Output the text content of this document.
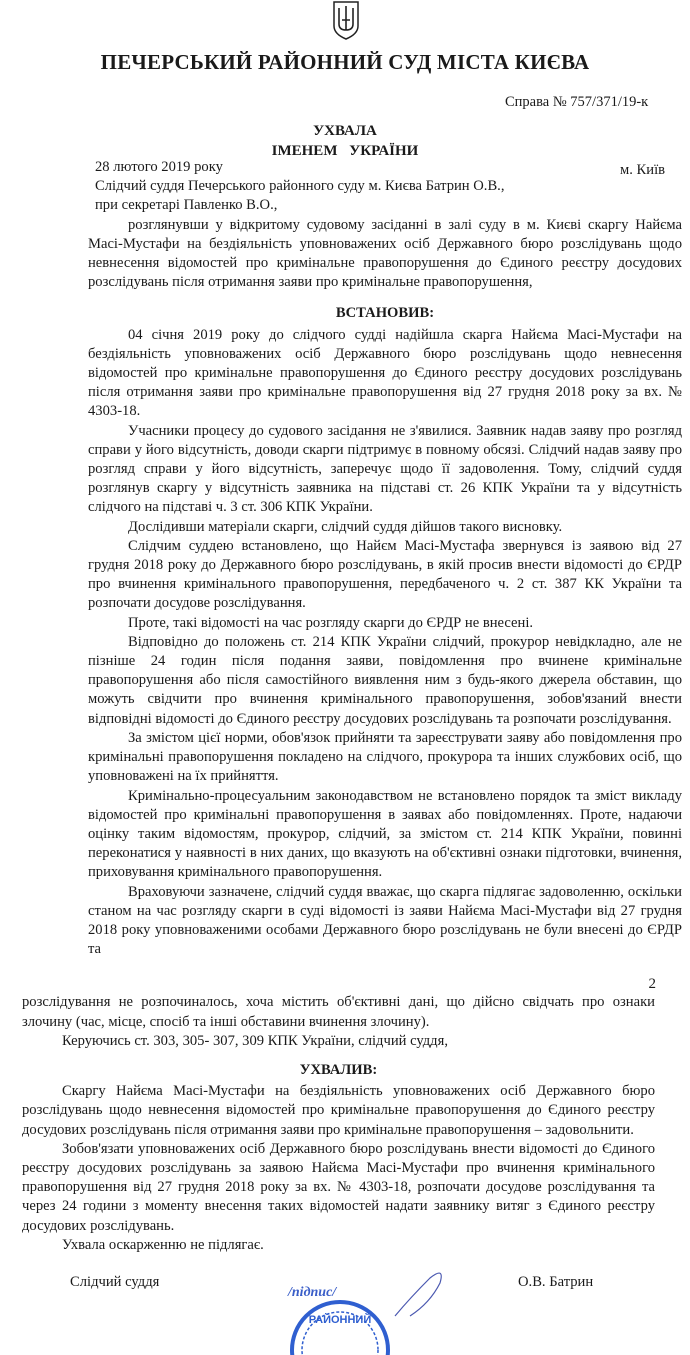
ПЕЧЕРСЬКИЙ РАЙОННИЙ СУД МІСТА КИЄВА
Справа № 757/371/19-к
УХВАЛА
ІМЕНЕМ УКРАЇНИ
м. Київ

28 лютого 2019 року

Слідчий суддя Печерського районного суду м. Києва Батрин О.В.,

при секретарі Павленко В.О.,

розглянувши у відкритому судовому засіданні в залі суду в м. Києві скаргу Найєма Масі-Мустафи на бездіяльність уповноважених осіб Державного бюро розслідувань щодо невнесення відомостей про кримінальне правопорушення до Єдиного реєстру досудових розслідувань після отримання заяви про кримінальне правопорушення,

ВСТАНОВИВ:

04 січня 2019 року до слідчого судді надійшла скарга Найєма Масі-Мустафи на бездіяльність уповноважених осіб Державного бюро розслідувань щодо невнесення відомостей про кримінальне правопорушення до Єдиного реєстру досудових розслідувань після отримання заяви про кримінальне правопорушення від 27 грудня 2018 року за вх. № 4303-18.

Учасники процесу до судового засідання не з'явилися. Заявник надав заяву про розгляд справи у його відсутність, доводи скарги підтримує в повному обсязі. Слідчий надав заяву про розгляд справи у його відсутність, заперечує щодо її задоволення. Тому, слідчий суддя розглянув скаргу у відсутність заявника на підставі ст. 26 КПК України та у відсутність слідчого на підставі ч. 3 ст. 306 КПК України.

Дослідивши матеріали скарги, слідчий суддя дійшов такого висновку.

Слідчим суддею встановлено, що Найєм Масі-Мустафа звернувся із заявою від 27 грудня 2018 року до Державного бюро розслідувань, в якій просив внести відомості до ЄРДР про вчинення кримінального правопорушення, передбаченого ч. 2 ст. 387 КК України та розпочати досудове розслідування.

Проте, такі відомості на час розгляду скарги до ЄРДР не внесені.

Відповідно до положень ст. 214 КПК України слідчий, прокурор невідкладно, але не пізніше 24 годин після подання заяви, повідомлення про вчинене кримінальне правопорушення або після самостійного виявлення ним з будь-якого джерела обставин, що можуть свідчити про вчинення кримінального правопорушення, зобов'язаний внести відповідні відомості до Єдиного реєстру досудових розслідувань та розпочати розслідування.

За змістом цієї норми, обов'язок прийняти та зареєструвати заяву або повідомлення про кримінальні правопорушення покладено на слідчого, прокурора та інших службових осіб, що уповноважені на їх прийняття.

Кримінально-процесуальним законодавством не встановлено порядок та зміст викладу відомостей про кримінальні правопорушення в заявах або повідомленнях. Проте, надаючи оцінку таким відомостям, прокурор, слідчий, за змістом ст. 214 КПК України, повинні переконатися у наявності в них даних, що вказують на об'єктивні ознаки підготовки, вчинення, приховування кримінального правопорушення.

Враховуючи зазначене, слідчий суддя вважає, що скарга підлягає задоволенню, оскільки станом на час розгляду скарги в суді відомості із заяви Найєма Масі-Мустафи від 27 грудня 2018 року уповноваженими особами Державного бюро розслідувань не були внесені до ЄРДР та

2

розслідування не розпочиналось, хоча містить об'єктивні дані, що дійсно свідчать про ознаки злочину (час, місце, спосіб та інші обставини вчинення злочину).

Керуючись ст. 303, 305- 307, 309 КПК України, слідчий суддя,

УХВАЛИВ:

Скаргу Найєма Масі-Мустафи на бездіяльність уповноважених осіб Державного бюро розслідувань щодо невнесення відомостей про кримінальне правопорушення до Єдиного реєстру досудових розслідувань після отримання заяви про кримінальне правопорушення – задовольнити.

Зобов'язати уповноважених осіб Державного бюро розслідувань внести відомості до Єдиного реєстру досудових розслідувань за заявою Найєма Масі-Мустафи про вчинення кримінального правопорушення від 27 грудня 2018 року за вх. № 4303-18, розпочати досудове розслідування та через 24 години з моменту внесення таких відомостей надати заявнику витяг з Єдиного реєстру досудових розслідувань.

Ухвала оскарженню не підлягає.

Слідчий суддя	О.В. Батрин
/підпис/
РАЙОННИЙ
